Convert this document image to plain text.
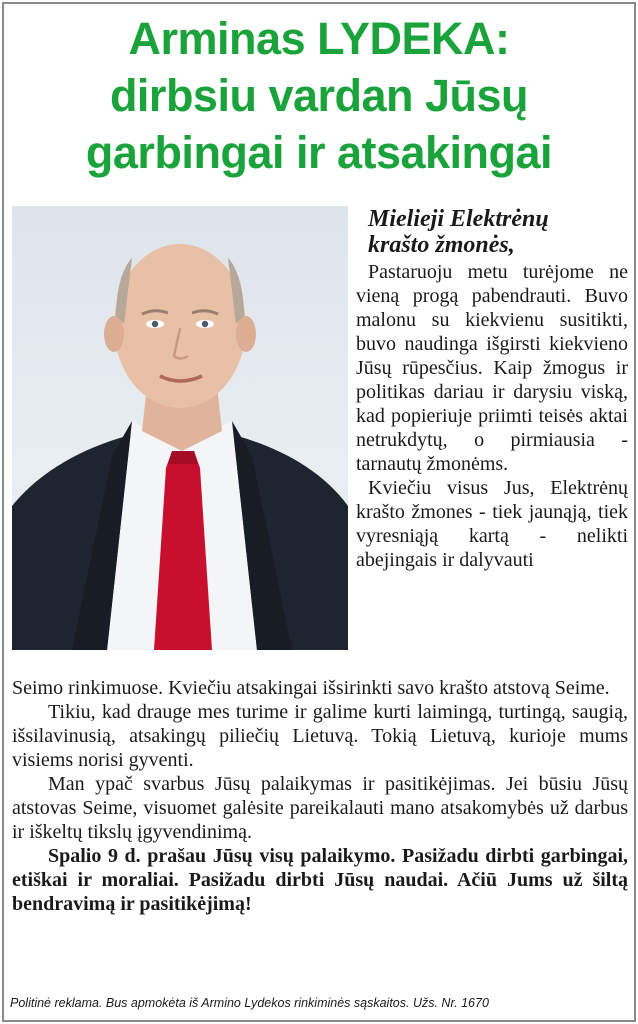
Arminas LYDEKA:
dirbsiu vardan Jūsų
garbingai ir atsakingai
Mielieji Elektrėnų
krašto žmonės,

Pastaruoju metu turėjome ne vieną progą pabendrauti. Buvo malonu su kiekvienu susitikti, buvo naudinga išgirsti kiekvieno Jūsų rūpesčius. Kaip žmogus ir politikas dariau ir darysiu viską, kad popieriuje priimti teisės aktai netrukdytų, o pirmiausia - tarnautų žmonėms.

Kviečiu visus Jus, Elektrėnų krašto žmones - tiek jaunąją, tiek vyresniąją kartą - nelikti abejingais ir dalyvauti

Seimo rinkimuose. Kviečiu atsakingai išsirinkti savo krašto atstovą Seime.

Tikiu, kad drauge mes turime ir galime kurti laimingą, turtingą, saugią, išsilavinusią, atsakingų piliečių Lietuvą. Tokią Lietuvą, kurioje mums visiems norisi gyventi.

Man ypač svarbus Jūsų palaikymas ir pasitikėjimas. Jei būsiu Jūsų atstovas Seime, visuomet galėsite pareikalauti mano atsakomybės už darbus ir iškeltų tikslų įgyvendinimą.

Spalio 9 d. prašau Jūsų visų palaikymo. Pasižadu dirbti garbingai, etiškai ir moraliai. Pasižadu dirbti Jūsų naudai. Ačiū Jums už šiltą bendravimą ir pasitikėjimą!

Politinė reklama. Bus apmokėta iš Armino Lydekos rinkiminės sąskaitos. Užs. Nr. 1670
